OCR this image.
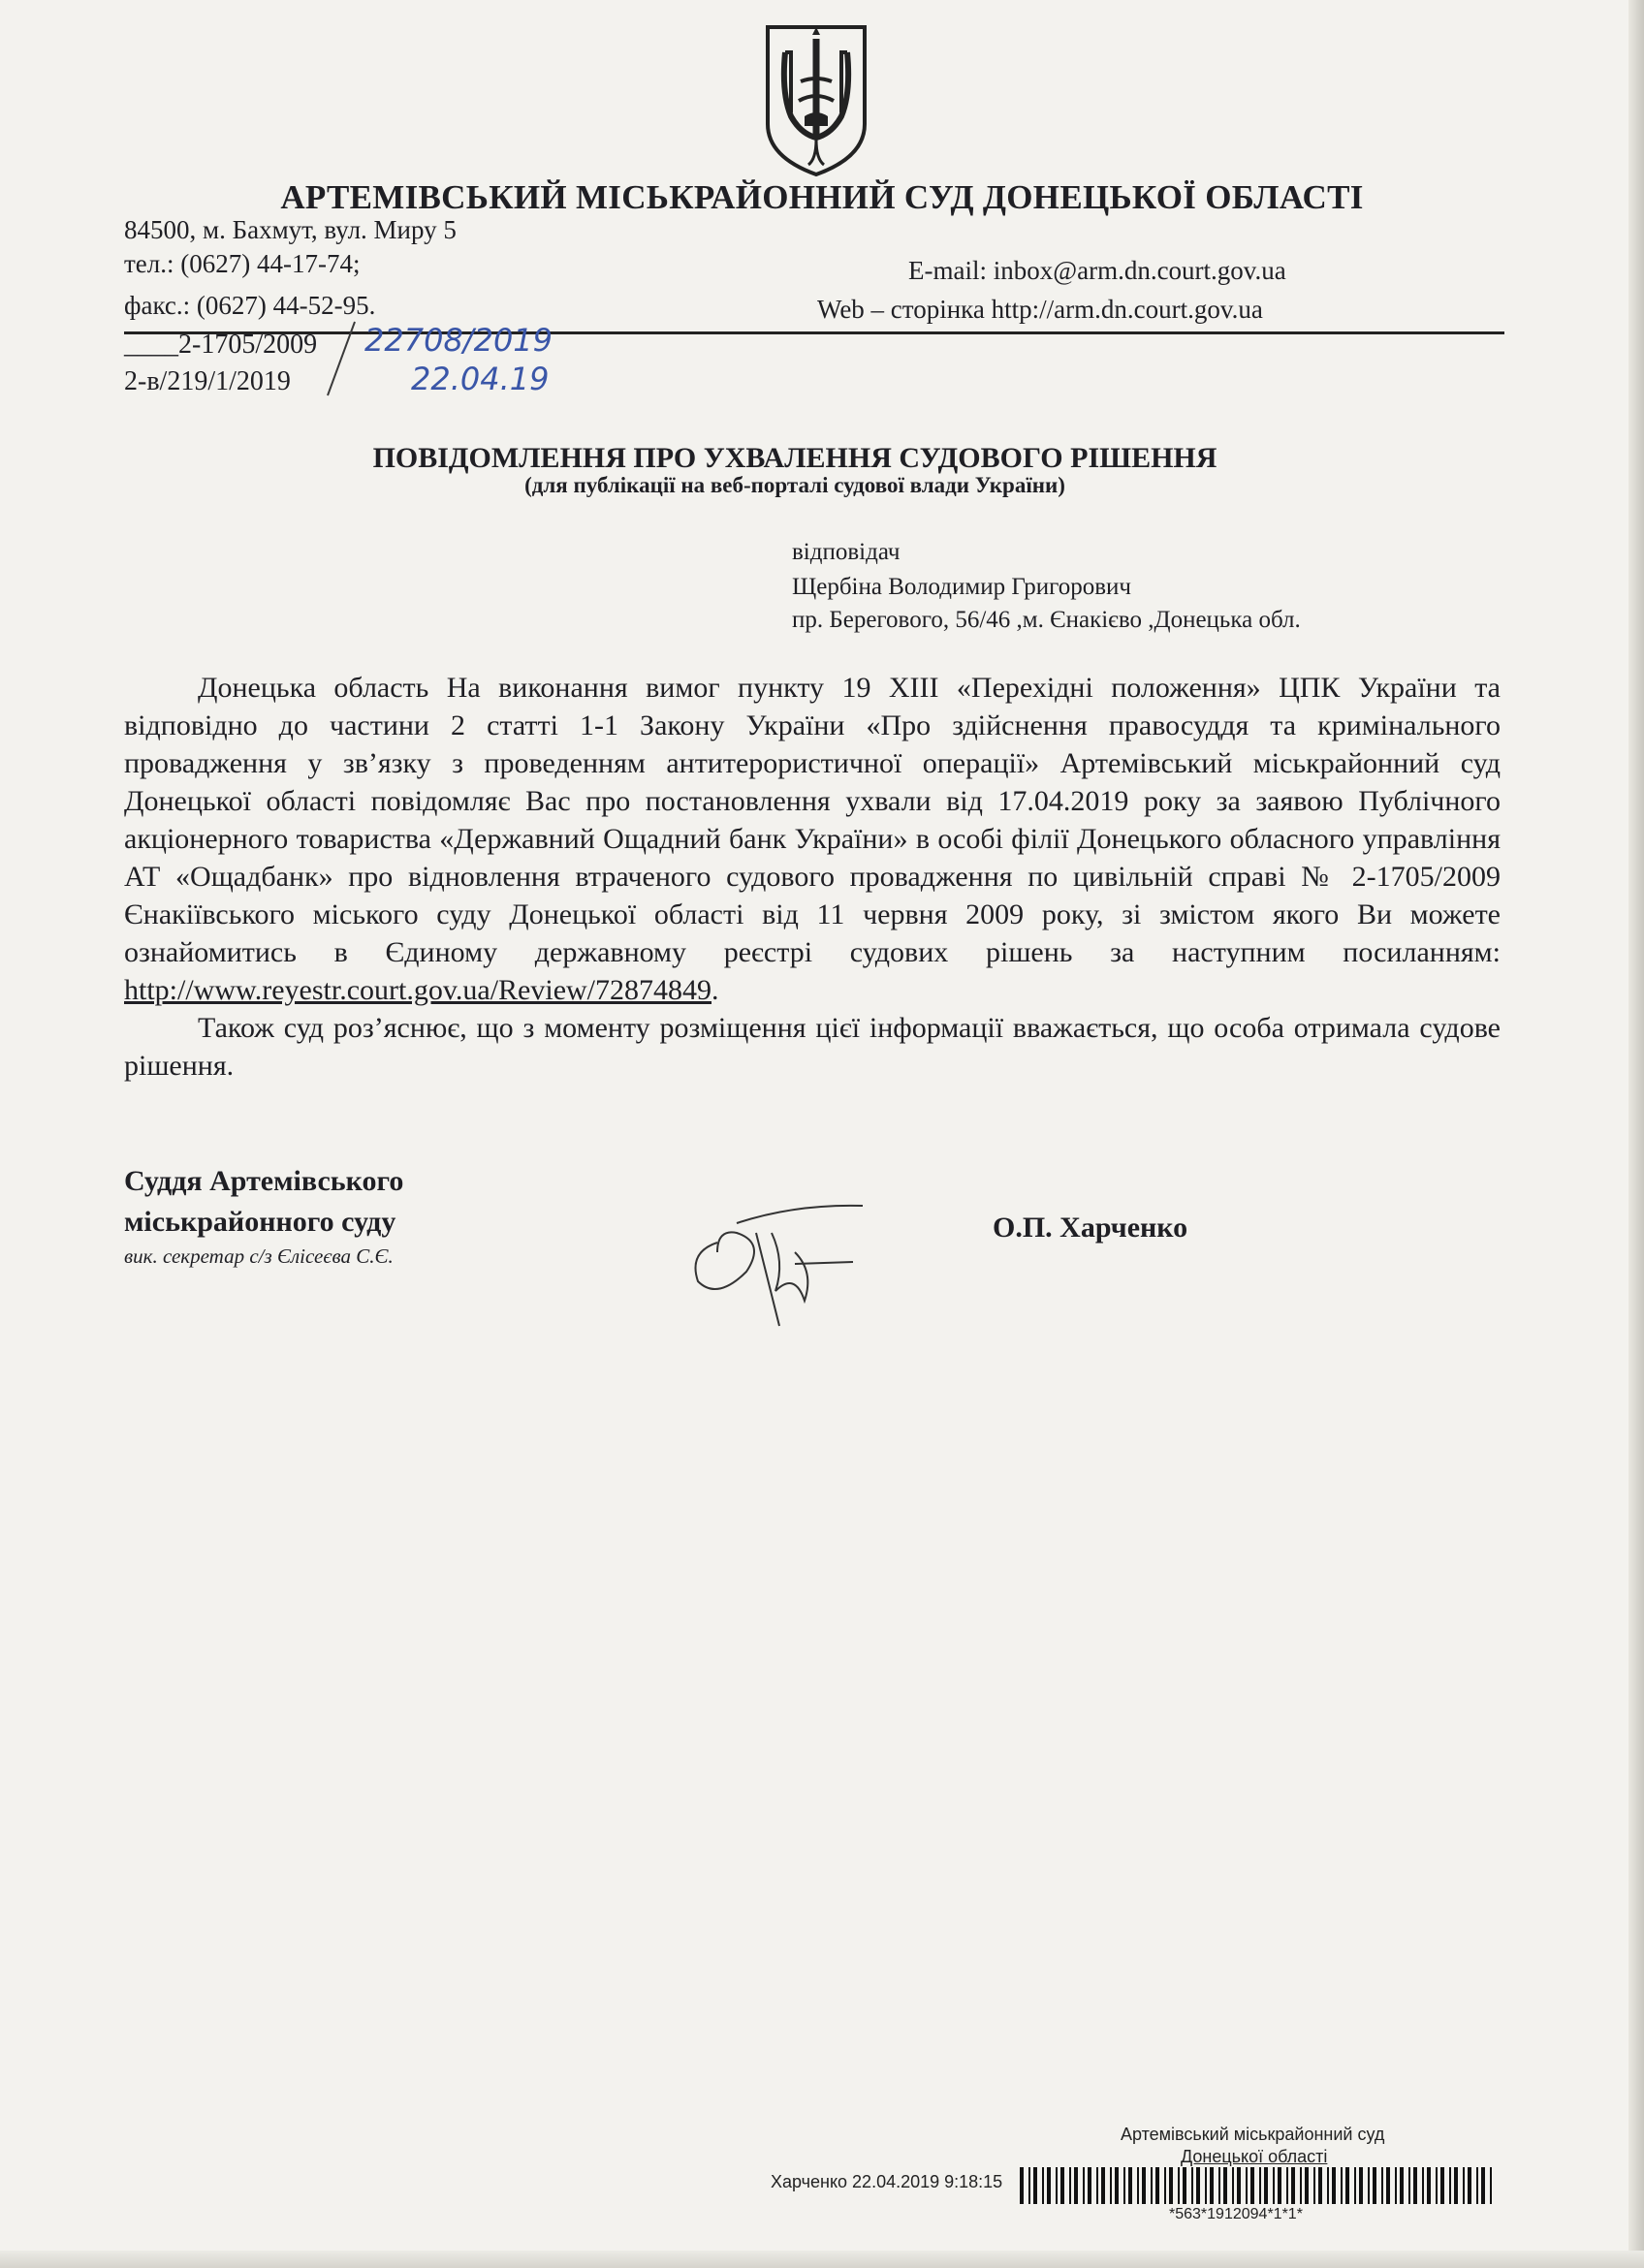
АРТЕМІВСЬКИЙ МІСЬКРАЙОННИЙ СУД ДОНЕЦЬКОЇ ОБЛАСТІ
84500, м. Бахмут, вул. Миру 5
тел.: (0627) 44-17-74;
факс.: (0627) 44-52-95.
E-mail: inbox@arm.dn.court.gov.ua
Web – сторінка http://arm.dn.court.gov.ua
____2-1705/2009
2-в/219/1/2019
22708/2019
22.04.19
ПОВІДОМЛЕННЯ ПРО УХВАЛЕННЯ СУДОВОГО РІШЕННЯ
(для публікації на веб-порталі судової влади України)
відповідач
Щербіна Володимир Григорович
пр. Берегового, 56/46 ,м. Єнакієво ,Донецька обл.

Донецька область На виконання вимог пункту 19 XIII «Перехідні положення» ЦПК України та відповідно до частини 2 статті 1-1 Закону України «Про здійснення правосуддя та кримінального провадження у зв’язку з проведенням антитерористичної операції» Артемівський міськрайонний суд Донецької області повідомляє Вас про постановлення ухвали від 17.04.2019 року за заявою Публічного акціонерного товариства «Державний Ощадний банк України» в особі філії Донецького обласного управління АТ «Ощадбанк» про відновлення втраченого судового провадження по цивільній справі № 2-1705/2009 Єнакіївського міського суду Донецької області від 11 червня 2009 року, зі змістом якого Ви можете ознайомитись в Єдиному державному реєстрі судових рішень за наступним посиланням: http://www.reyestr.court.gov.ua/Review/72874849.

Також суд роз’яснює, що з моменту розміщення цієї інформації вважається, що особа отримала судове рішення.

Суддя Артемівського
міськрайонного суду
вик. секретар с/з Єлісеєва С.Є.
О.П. Харченко
Артемівський міськрайонний суд
Донецької області
Харченко 22.04.2019 9:18:15
*563*1912094*1*1*
